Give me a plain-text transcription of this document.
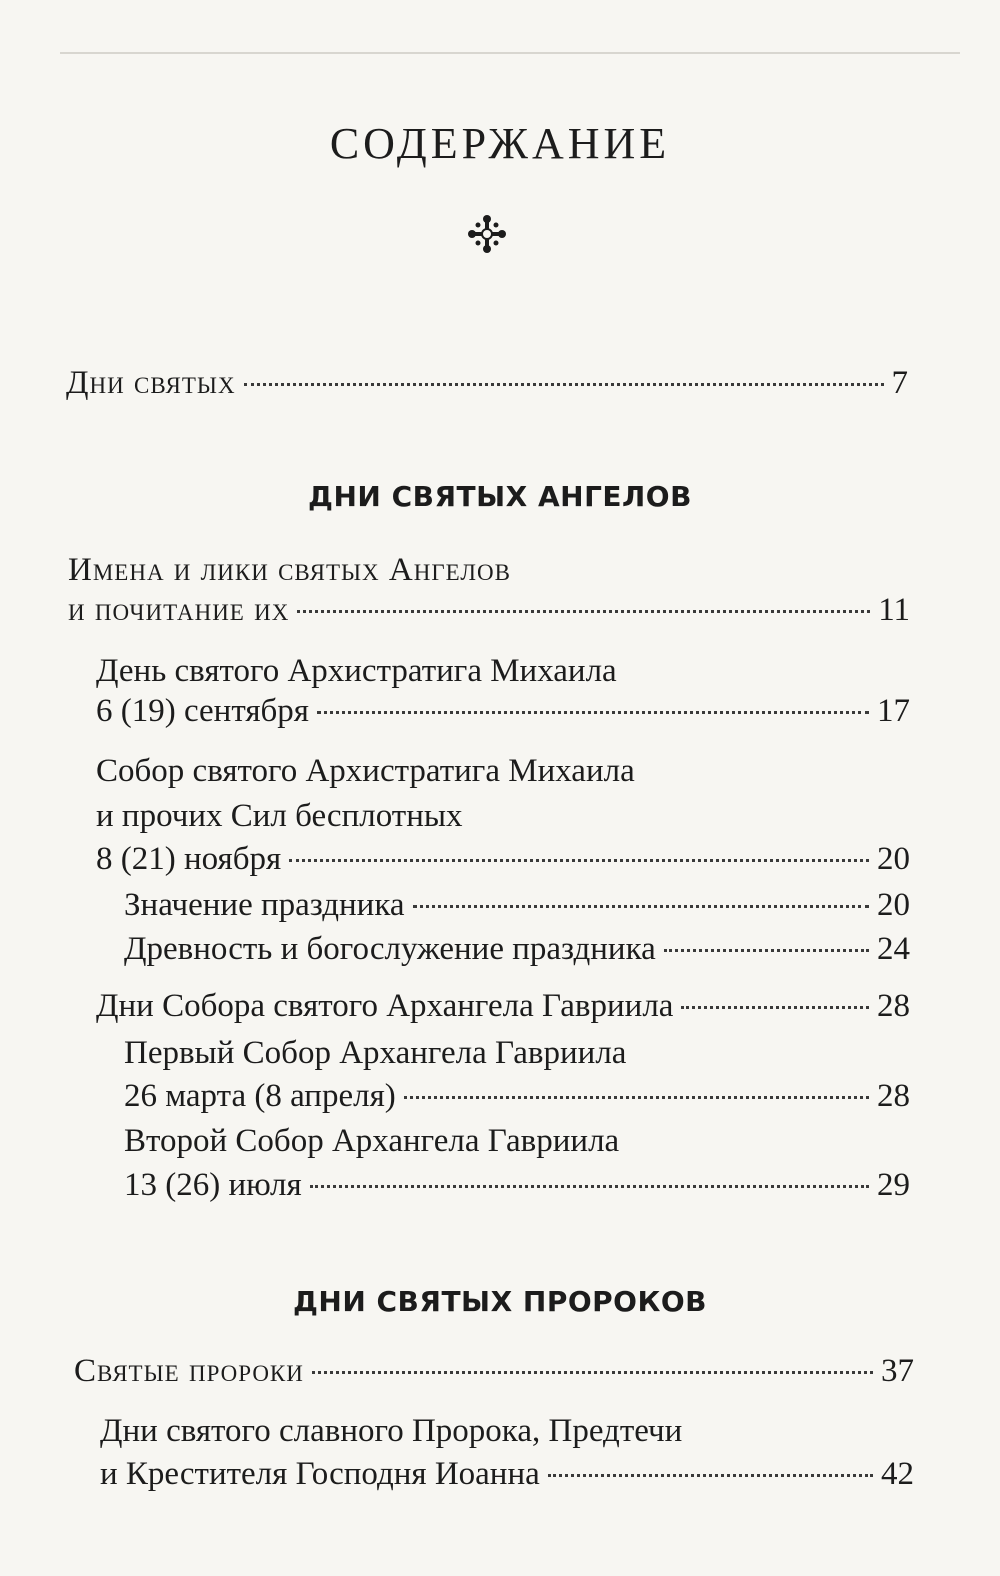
СОДЕРЖАНИЕ
Дни святых	7
ДНИ СВЯТЫХ АНГЕЛОВ
Имена и лики святых Ангелов
и почитание их	11
День святого Архистратига Михаила
6 (19) сентября	17
Собор святого Архистратига Михаила
и прочих Сил бесплотных
8 (21) ноября	20
Значение праздника	20
Древность и богослужение праздника	24
Дни Собора святого Архангела Гавриила	28
Первый Собор Архангела Гавриила
26 марта (8 апреля)	28
Второй Собор Архангела Гавриила
13 (26) июля	29
ДНИ СВЯТЫХ ПРОРОКОВ
Святые пророки	37
Дни святого славного Пророка, Предтечи
и Крестителя Господня Иоанна	42
